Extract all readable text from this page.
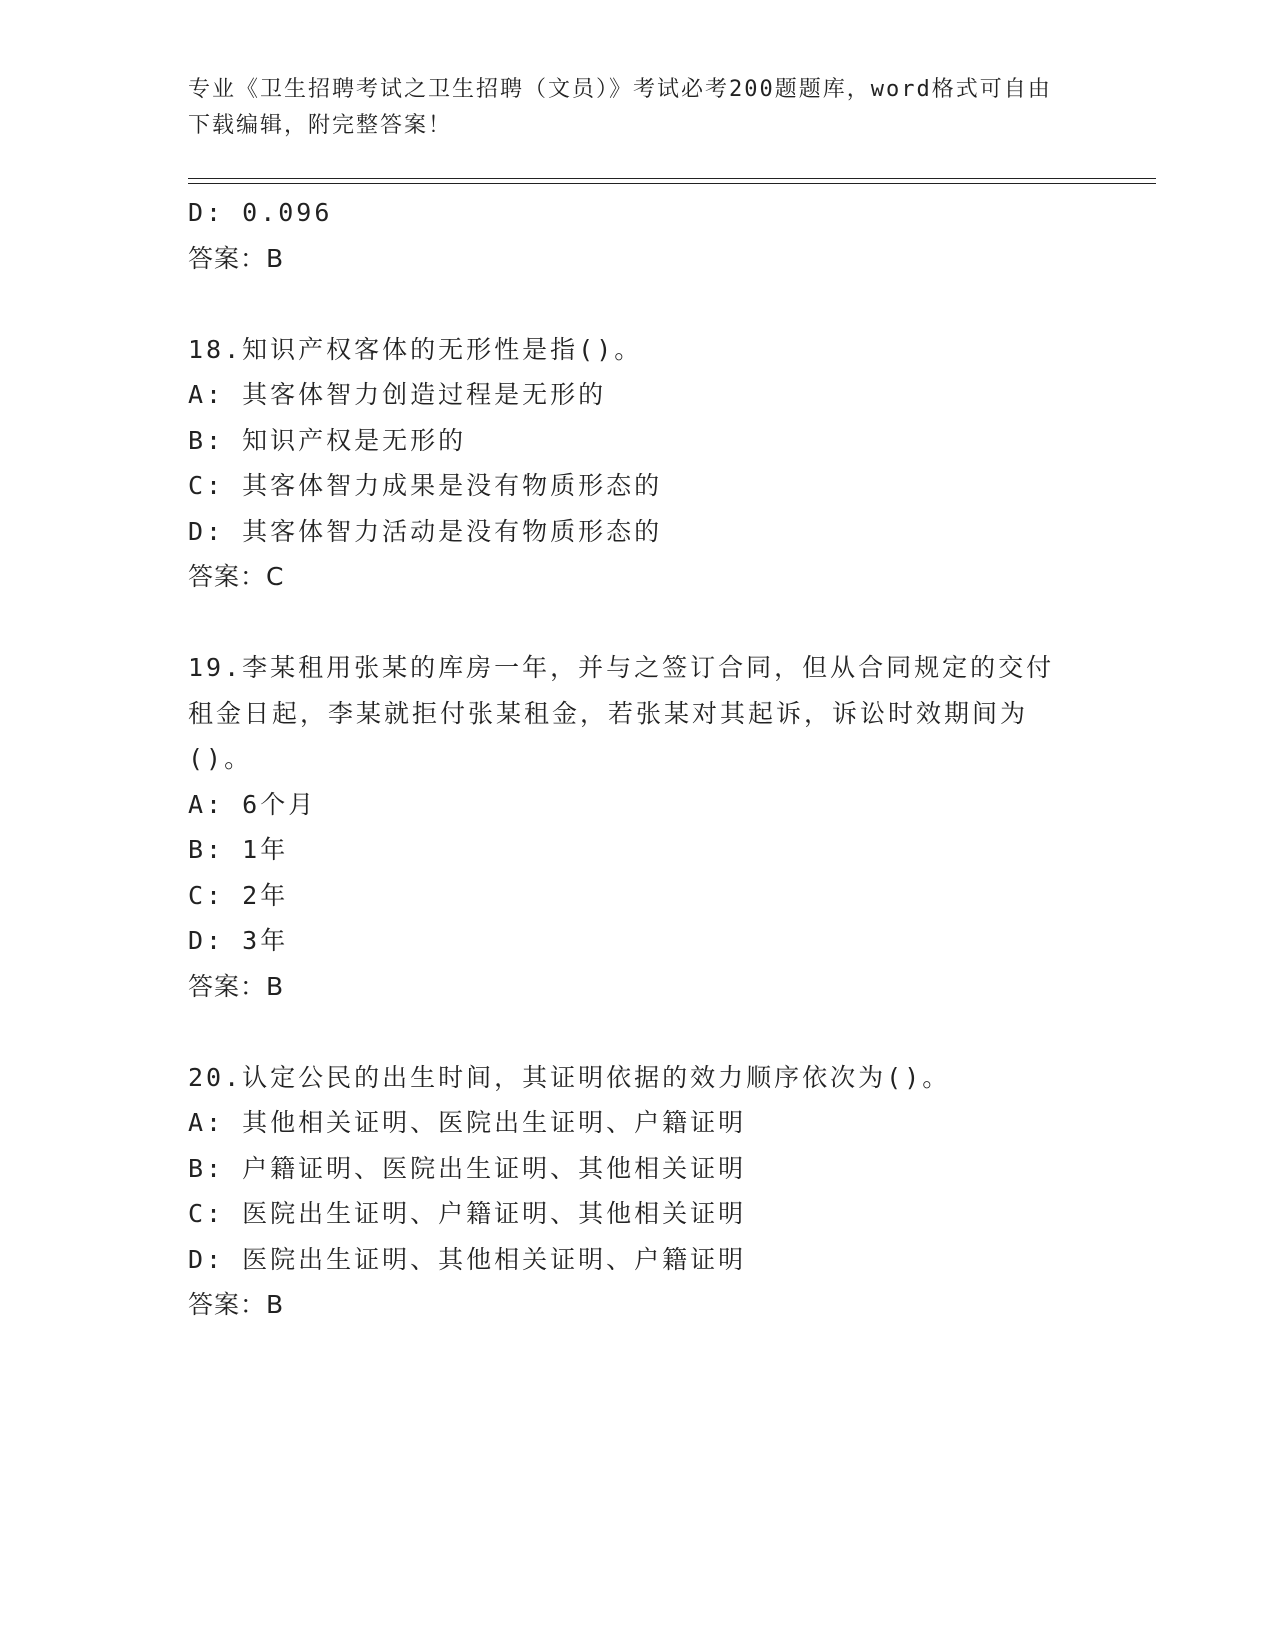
专业《卫生招聘考试之卫生招聘（文员）》考试必考200题题库，word格式可自由下载编辑，附完整答案！
D: 0.096
答案：B
18.知识产权客体的无形性是指()。
A: 其客体智力创造过程是无形的
B: 知识产权是无形的
C: 其客体智力成果是没有物质形态的
D: 其客体智力活动是没有物质形态的
答案：C
19.李某租用张某的库房一年，并与之签订合同，但从合同规定的交付租金日起，李某就拒付张某租金，若张某对其起诉，诉讼时效期间为()。
A: 6个月
B: 1年
C: 2年
D: 3年
答案：B
20.认定公民的出生时间，其证明依据的效力顺序依次为()。
A: 其他相关证明、医院出生证明、户籍证明
B: 户籍证明、医院出生证明、其他相关证明
C: 医院出生证明、户籍证明、其他相关证明
D: 医院出生证明、其他相关证明、户籍证明
答案：B
